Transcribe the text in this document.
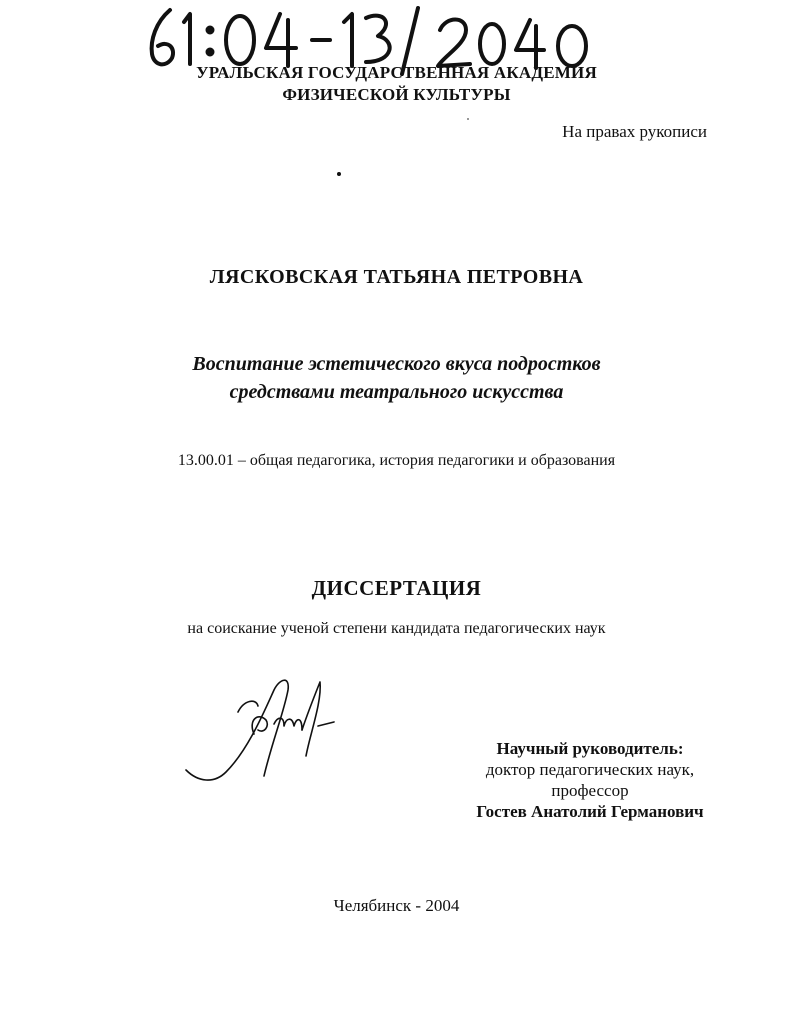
УРАЛЬСКАЯ ГОСУДАРСТВЕННАЯ АКАДЕМИЯ
ФИЗИЧЕСКОЙ КУЛЬТУРЫ
На правах рукописи
ЛЯСКОВСКАЯ ТАТЬЯНА ПЕТРОВНА
Воспитание эстетического вкуса подростков
средствами театрального искусства
13.00.01 – общая педагогика, история педагогики и образования
ДИССЕРТАЦИЯ
на соискание ученой степени кандидата педагогических наук
Научный руководитель:
доктор педагогических наук,
профессор
Гостев Анатолий Германович
Челябинск - 2004
